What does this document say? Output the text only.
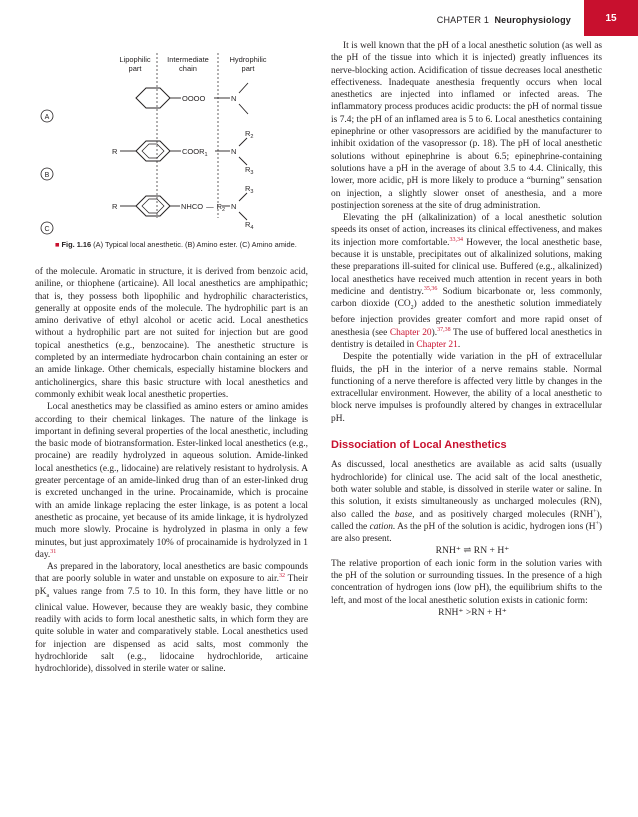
CHAPTER 1 Neurophysiology	15
Lipophilic
part
Intermediate
chain
Hydrophilic
part
OOOO	N
A
R	$COOR_1$	N
$R_2$
$R_3$
B
R	NHCO — $R_2$ N
$R_3$
$R_4$
C
■ Fig. 1.16 (A) Typical local anesthetic. (B) Amino ester. (C) Amino amide.

of the molecule. Aromatic in structure, it is derived from benzoic acid, aniline, or thiophene (articaine). All local anesthetics are amphipathic; that is, they possess both lipophilic and hydrophilic characteristics, generally at opposite ends of the molecule. The hydrophilic part is an amino derivative of ethyl alcohol or acetic acid. Local anesthetics without a hydrophilic part are not suited for injection but are good topical anesthetics (e.g., benzocaine). The anesthetic structure is completed by an intermediate hydrocarbon chain containing an ester or an amide linkage. Other chemicals, especially histamine blockers and anticholinergics, share this basic structure with local anesthetics and commonly exhibit weak local anesthetic properties.

Local anesthetics may be classified as amino esters or amino amides according to their chemical linkages. The nature of the linkage is important in defining several properties of the local anesthetic, including the basic mode of biotransformation. Ester-linked local anesthetics (e.g., procaine) are readily hydrolyzed in aqueous solution. Amide-linked local anesthetics (e.g., lidocaine) are relatively resistant to hydrolysis. A greater percentage of an amide-linked drug than of an ester-linked drug is excreted unchanged in the urine. Procainamide, which is procaine with an amide linkage replacing the ester linkage, is as potent a local anesthetic as procaine, yet because of its amide linkage, it is hydrolyzed much more slowly. Procaine is hydrolyzed in plasma in only a few minutes, but just approximately 10% of procainamide is hydrolyzed in 1 day.$^{31}$

As prepared in the laboratory, local anesthetics are basic compounds that are poorly soluble in water and unstable on exposure to air.$^{32}$ Their $pK_a$ values range from 7.5 to 10. In this form, they have little or no clinical value. However, because they are weakly basic, they combine readily with acids to form local anesthetic salts, in which form they are quite soluble in water and comparatively stable. Local anesthetics used for injection are dispensed as acid salts, most commonly the hydrochloride salt (e.g., lidocaine hydrochloride, articaine hydrochloride), dissolved in sterile water or saline.

It is well known that the pH of a local anesthetic solution (as well as the pH of the tissue into which it is injected) greatly influences its nerve-blocking action. Acidification of tissue decreases local anesthetic effectiveness. Inadequate anesthesia frequently occurs when local anesthetics are injected into inflamed or infected areas. The inflammatory process produces acidic products: the pH of normal tissue is 7.4; the pH of an inflamed area is 5 to 6. Local anesthetics containing epinephrine or other vasopressors are acidified by the manufacturer to inhibit oxidation of the vasopressor (p. 18). The pH of local anesthetic solutions without epinephrine is about 6.5; epinephrine-containing solutions have a pH in the average of about 3.5 to 4.4. Clinically, this lower, more acidic, pH is more likely to produce a “burning” sensation on injection, a slightly slower onset of anesthesia, and a more postinjection soreness at the site of drug administration.

Elevating the pH (alkalinization) of a local anesthetic solution speeds its onset of action, increases its clinical effectiveness, and makes its injection more comfortable.$^{33,34}$ However, the local anesthetic base, because it is unstable, precipitates out of alkalinized solutions, making these preparations ill-suited for clinical use. Buffered (e.g., alkalinized) local anesthetics have received much attention in recent years in both medicine and dentistry.$^{35,36}$ Sodium bicarbonate or, less commonly, carbon dioxide $(CO_2)$ added to the anesthetic solution immediately before injection provides greater comfort and more rapid onset of anesthesia (see Chapter 20).$^{37,38}$ The use of buffered local anesthetics in dentistry is detailed in Chapter 21.

Despite the potentially wide variation in the pH of extracellular fluids, the pH in the interior of a nerve remains stable. Normal functioning of a nerve therefore is affected very little by changes in the extracellular environment. However, the ability of a local anesthetic to block nerve impulses is profoundly altered by changes in extracellular pH.

Dissociation of Local Anesthetics

As discussed, local anesthetics are available as acid salts (usually hydrochloride) for clinical use. The acid salt of the local anesthetic, both water soluble and stable, is dissolved in sterile water or saline. In this solution, it exists simultaneously as uncharged molecules (RN), also called the base, and as positively charged molecules (RNH+), called the cation. As the pH of the solution is acidic, hydrogen ions (H+) are also present.

RNH⁺ ⇌ RN + H⁺

The relative proportion of each ionic form in the solution varies with the pH of the solution or surrounding tissues. In the presence of a high concentration of hydrogen ions (low pH), the equilibrium shifts to the left, and most of the local anesthetic solution exists in cationic form:

RNH⁺ >RN + H⁺
